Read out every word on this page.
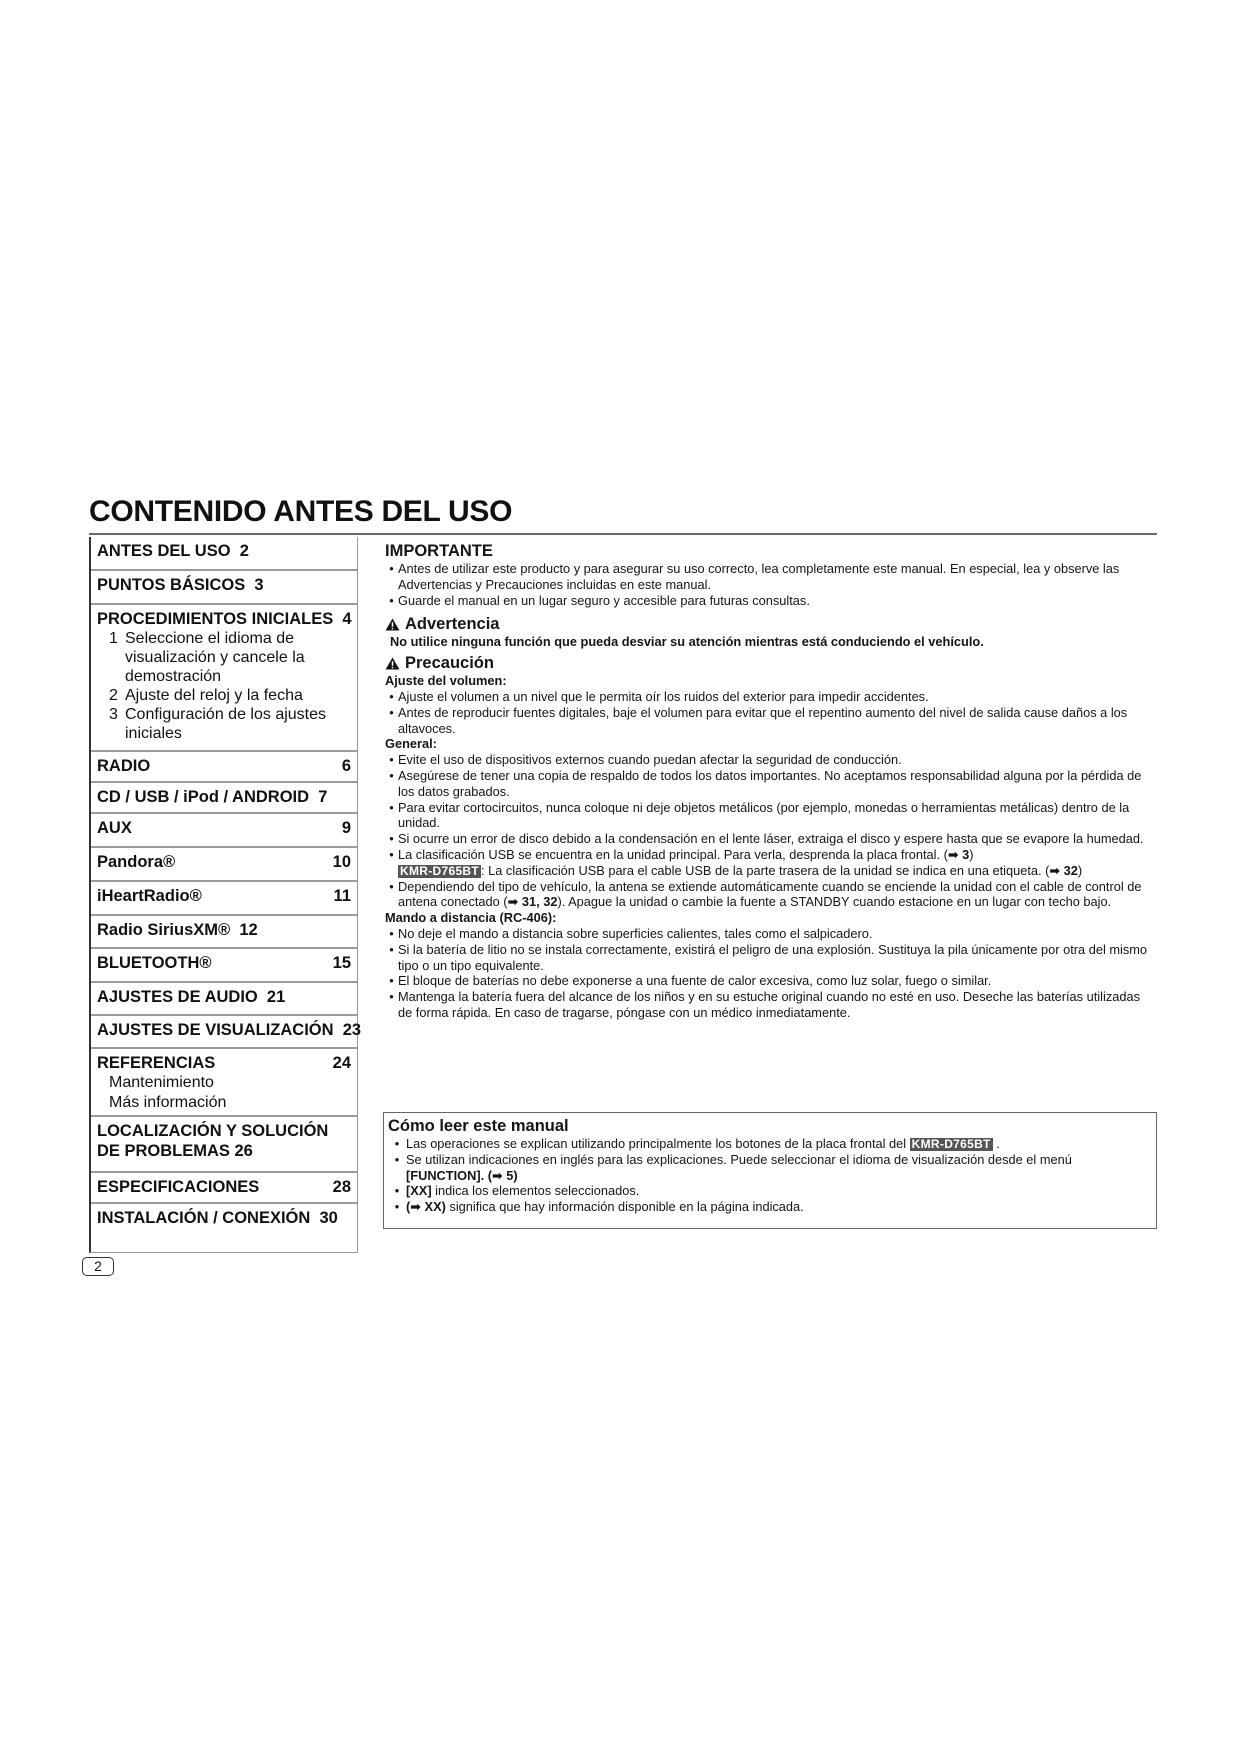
CONTENIDO ANTES DEL USO
ANTES DEL USO  2
PUNTOS BÁSICOS  3
PROCEDIMIENTOS INICIALES  4
1 Seleccione el idioma de visualización y cancele la demostración
2 Ajuste del reloj y la fecha
3 Configuración de los ajustes iniciales
RADIO	6
CD / USB / iPod / ANDROID  7
AUX	9
Pandora®	10
iHeartRadio®	11
Radio SiriusXM®  12
BLUETOOTH®	15
AJUSTES DE AUDIO  21
AJUSTES DE VISUALIZACIÓN  23
REFERENCIAS	24
Mantenimiento
Más información
LOCALIZACIÓN Y SOLUCIÓN DE PROBLEMAS 26
ESPECIFICACIONES	28
INSTALACIÓN / CONEXIÓN  30
2
IMPORTANTE
• Antes de utilizar este producto y para asegurar su uso correcto, lea completamente este manual. En especial, lea y observe las Advertencias y Precauciones incluidas en este manual.
• Guarde el manual en un lugar seguro y accesible para futuras consultas.
Advertencia
No utilice ninguna función que pueda desviar su atención mientras está conduciendo el vehículo.
Precaución
Ajuste del volumen:
• Ajuste el volumen a un nivel que le permita oír los ruidos del exterior para impedir accidentes.
• Antes de reproducir fuentes digitales, baje el volumen para evitar que el repentino aumento del nivel de salida cause daños a los altavoces.
General:
• Evite el uso de dispositivos externos cuando puedan afectar la seguridad de conducción.
• Asegúrese de tener una copia de respaldo de todos los datos importantes. No aceptamos responsabilidad alguna por la pérdida de los datos grabados.
• Para evitar cortocircuitos, nunca coloque ni deje objetos metálicos (por ejemplo, monedas o herramientas metálicas) dentro de la unidad.
• Si ocurre un error de disco debido a la condensación en el lente láser, extraiga el disco y espere hasta que se evapore la humedad.
• La clasificación USB se encuentra en la unidad principal. Para verla, desprenda la placa frontal. (➡ 3)
KMR-D765BT : La clasificación USB para el cable USB de la parte trasera de la unidad se indica en una etiqueta. (➡ 32)
• Dependiendo del tipo de vehículo, la antena se extiende automáticamente cuando se enciende la unidad con el cable de control de antena conectado (➡ 31, 32). Apague la unidad o cambie la fuente a STANDBY cuando estacione en un lugar con techo bajo.
Mando a distancia (RC-406):
• No deje el mando a distancia sobre superficies calientes, tales como el salpicadero.
• Si la batería de litio no se instala correctamente, existirá el peligro de una explosión. Sustituya la pila únicamente por otra del mismo tipo o un tipo equivalente.
• El bloque de baterías no debe exponerse a una fuente de calor excesiva, como luz solar, fuego o similar.
• Mantenga la batería fuera del alcance de los niños y en su estuche original cuando no esté en uso. Deseche las baterías utilizadas de forma rápida. En caso de tragarse, póngase con un médico inmediatamente.
Cómo leer este manual
• Las operaciones se explican utilizando principalmente los botones de la placa frontal del KMR-D765BT .
• Se utilizan indicaciones en inglés para las explicaciones. Puede seleccionar el idioma de visualización desde el menú
[FUNCTION]. (➡ 5)
• [XX] indica los elementos seleccionados.
• (➡ XX) significa que hay información disponible en la página indicada.
